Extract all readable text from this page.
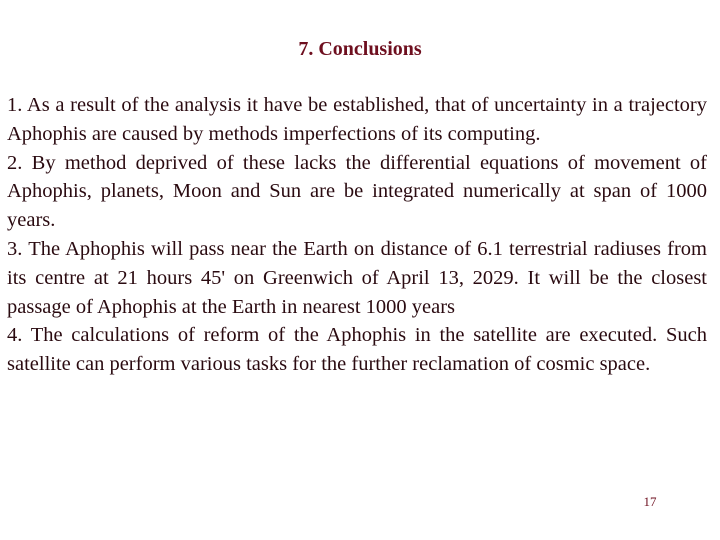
7. Conclusions

1. As a result of the analysis it have be established, that of uncertainty in a trajectory Aphophis are caused by methods imperfections of its computing.

2. By method deprived of these lacks the differential equations of movement of Aphophis, planets, Moon and Sun are be integrated numerically at span of 1000 years.

3. The Aphophis will pass near the Earth on distance of 6.1 terrestrial radiuses from its centre at 21 hours 45' on Greenwich of April 13, 2029. It will be the closest passage of Aphophis at the Earth in nearest 1000 years

4. The calculations of reform of the Aphophis in the satellite are executed. Such satellite can perform various tasks for the further reclamation of cosmic space.

17
